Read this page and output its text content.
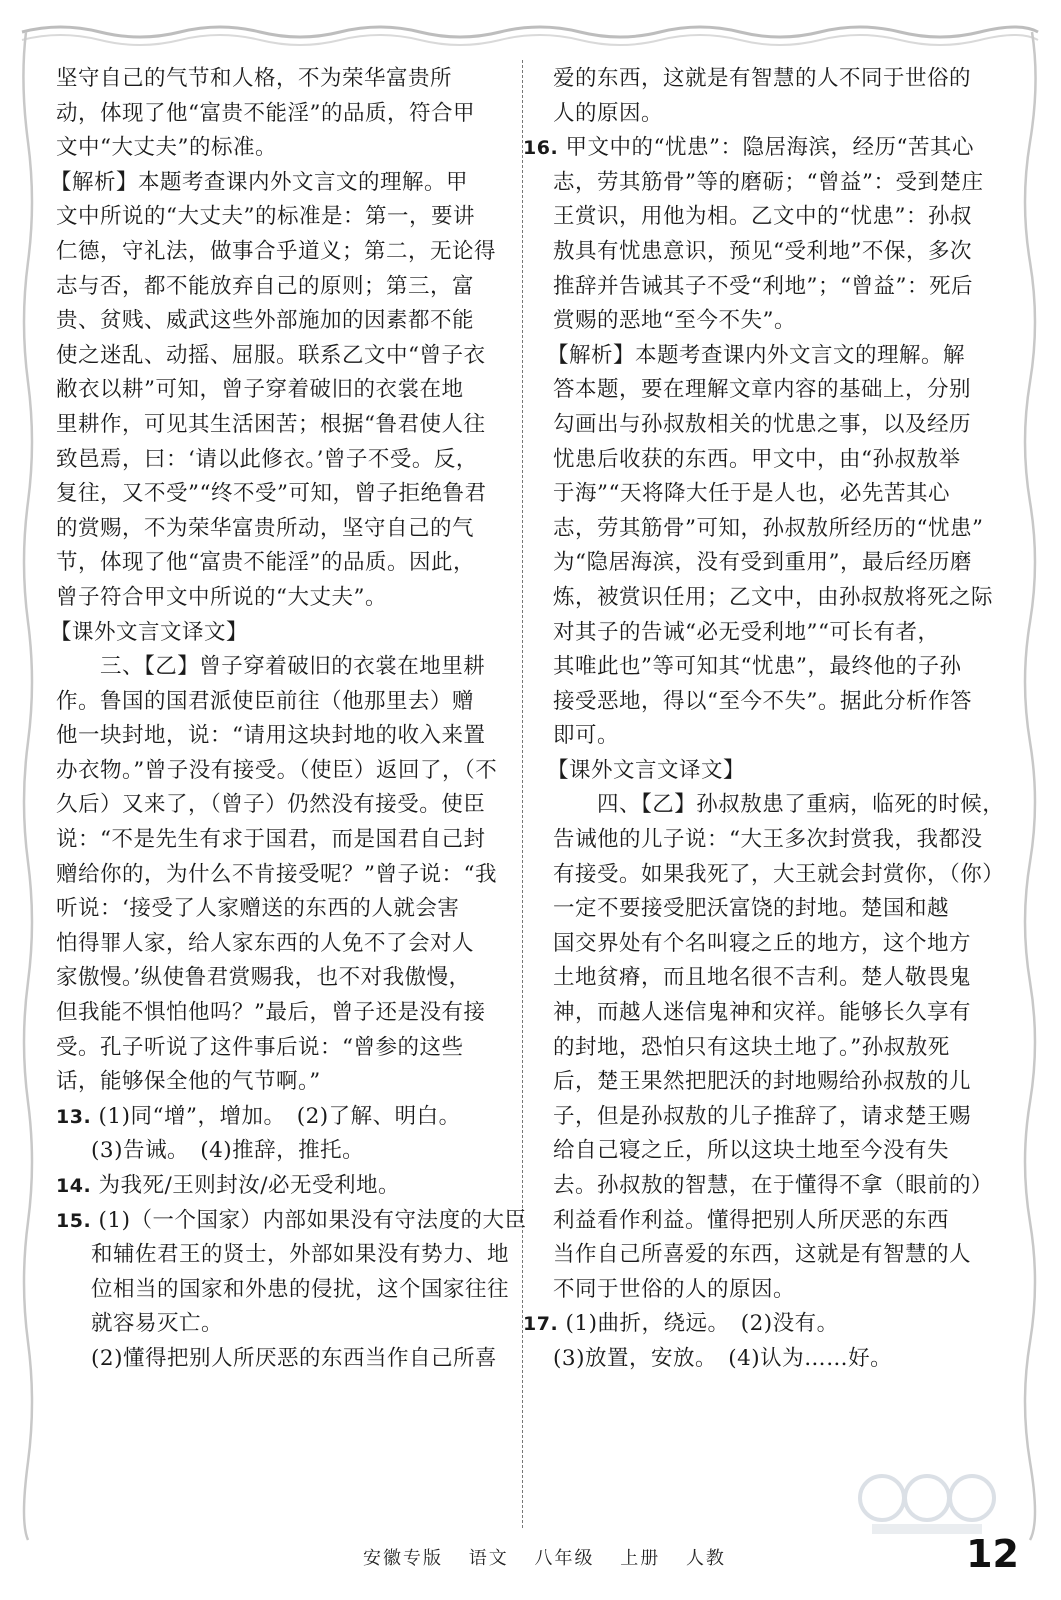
坚守自己的气节和人格，不为荣华富贵所
动，体现了他“富贵不能淫”的品质，符合甲
文中“大丈夫”的标准。
【解析】本题考查课内外文言文的理解。甲
文中所说的“大丈夫”的标准是：第一，要讲
仁德，守礼法，做事合乎道义；第二，无论得
志与否，都不能放弃自己的原则；第三，富
贵、贫贱、威武这些外部施加的因素都不能
使之迷乱、动摇、屈服。联系乙文中“曾子衣
敝衣以耕”可知，曾子穿着破旧的衣裳在地
里耕作，可见其生活困苦；根据“鲁君使人往
致邑焉，曰：‘请以此修衣。’曾子不受。反，
复往，又不受”“终不受”可知，曾子拒绝鲁君
的赏赐，不为荣华富贵所动，坚守自己的气
节，体现了他“富贵不能淫”的品质。因此，
曾子符合甲文中所说的“大丈夫”。
【课外文言文译文】
　　三、【乙】曾子穿着破旧的衣裳在地里耕
作。鲁国的国君派使臣前往（他那里去）赠
他一块封地，说：“请用这块封地的收入来置
办衣物。”曾子没有接受。（使臣）返回了，（不
久后）又来了，（曾子）仍然没有接受。使臣
说：“不是先生有求于国君，而是国君自己封
赠给你的，为什么不肯接受呢？”曾子说：“我
听说：‘接受了人家赠送的东西的人就会害
怕得罪人家，给人家东西的人免不了会对人
家傲慢。’纵使鲁君赏赐我，也不对我傲慢，
但我能不惧怕他吗？”最后，曾子还是没有接
受。孔子听说了这件事后说：“曾参的这些
话，能够保全他的气节啊。”
13. (1)同“增”，增加。　(2)了解、明白。
(3)告诫。　(4)推辞，推托。
14. 为我死/王则封汝/必无受利地。
15. (1)（一个国家）内部如果没有守法度的大臣
和辅佐君王的贤士，外部如果没有势力、地
位相当的国家和外患的侵扰，这个国家往往
就容易灭亡。
(2)懂得把别人所厌恶的东西当作自己所喜
爱的东西，这就是有智慧的人不同于世俗的
人的原因。
16. 甲文中的“忧患”：隐居海滨，经历“苦其心
志，劳其筋骨”等的磨砺；“曾益”：受到楚庄
王赏识，用他为相。乙文中的“忧患”：孙叔
敖具有忧患意识，预见“受利地”不保，多次
推辞并告诫其子不受“利地”；“曾益”：死后
赏赐的恶地“至今不失”。
【解析】本题考查课内外文言文的理解。解
答本题，要在理解文章内容的基础上，分别
勾画出与孙叔敖相关的忧患之事，以及经历
忧患后收获的东西。甲文中，由“孙叔敖举
于海”“天将降大任于是人也，必先苦其心
志，劳其筋骨”可知，孙叔敖所经历的“忧患”
为“隐居海滨，没有受到重用”，最后经历磨
炼，被赏识任用；乙文中，由孙叔敖将死之际
对其子的告诫“必无受利地”“可长有者，
其唯此也”等可知其“忧患”，最终他的子孙
接受恶地，得以“至今不失”。据此分析作答
即可。
【课外文言文译文】
　　四、【乙】孙叔敖患了重病，临死的时候，
告诫他的儿子说：“大王多次封赏我，我都没
有接受。如果我死了，大王就会封赏你，（你）
一定不要接受肥沃富饶的封地。楚国和越
国交界处有个名叫寝之丘的地方，这个地方
土地贫瘠，而且地名很不吉利。楚人敬畏鬼
神，而越人迷信鬼神和灾祥。能够长久享有
的封地，恐怕只有这块土地了。”孙叔敖死
后，楚王果然把肥沃的封地赐给孙叔敖的儿
子，但是孙叔敖的儿子推辞了，请求楚王赐
给自己寝之丘，所以这块土地至今没有失
去。孙叔敖的智慧，在于懂得不拿（眼前的）
利益看作利益。懂得把别人所厌恶的东西
当作自己所喜爱的东西，这就是有智慧的人
不同于世俗的人的原因。
17. (1)曲折，绕远。　(2)没有。
(3)放置，安放。　(4)认为……好。
安徽专版 语文 八年级 上册 人教	12
